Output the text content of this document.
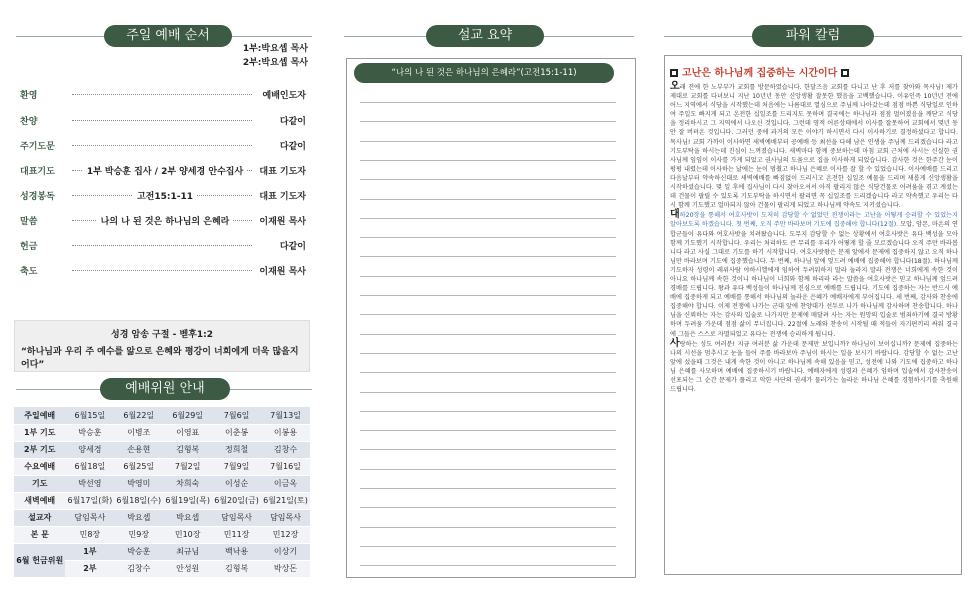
주일 예배 순서
1부:박요셉 목사
2부:박요셉 목사
환영	예배인도자
찬양	다같이
주기도문	다같이
대표기도	1부 박승훈 집사 / 2부 양세경 안수집사	대표 기도자
성경봉독	고전15:1-11	대표 기도자
말씀	나의 나 된 것은 하나님의 은혜라	이재원 목사
헌금	다같이
축도	이재원 목사
성경 암송 구절 - 벧후1:2
“하나님과 우리 주 예수를 앎으로 은혜와 평강이 너희에게 더욱 많을지어다”
예배위원 안내
주일예배	6월15일	6월22일	6월29일	7월6일	7월13일
1부 기도	박승훈	이병조	이영표	이춘봉	이봉용
2부 기도	양세경	손용현	김형복	정희철	김창수
수요예배	6월18일	6월25일	7월2일	7월9일	7월16일
기도	박선영	박영미	차희숙	이성순	이금옥
새벽예배	6월17일(화)	6월18일(수)	6월19일(목)	6월20일(금)	6월21일(토)
설교자	담임목사	박요셉	박요셉	담임목사	담임목사
본 문	민8장	민9장	민10장	민11장	민12장
6월 헌금위원	1부	박승훈	최규님	백낙용	이상기
	2부	김창수	안성원	김형복	박상돈
설교 요약
“나의 나 된 것은 하나님의 은혜라”(고전15:1-11)
파워 칼럼
고난은 하나님께 집중하는 시간이다
오래 전에 한 노부부가 교회를 방문하였습니다. 한달즈음 교회를 다니고 난 후 저를 찾아와 목사님! 제가 제대로 교회를 다녀보니 지난 10년년 동안 신앙생활 잘못한 했음을 고백했습니다. 이유인즉 10년년 전에 어느 지역에서 식당을 시작했는데 처음에는 나름대로 열심으로 주님께 나아갔는데 점점 바쁜 식당일로 인하여 주일도 빠지게 되고 온전한 십일조를 드리지도 못하며 결국에는 하나님과 점점 멀어졌음을 깨닫고 식당을 정리하시고 그 지역에서 나오신 것입니다. 그런데 영적 어른상태에서 이사를 잘못하여 교회에서 몇년 동안 잘 버텨온 것입니다. 그러던 중에 과거의 모든 이야기 하시면서 다시 이사하기로 결정하셨다고 합니다. 목사님! 교회 가까이 이사하면 새벽예배부터 공예배 등 최선을 다해 남은 인생을 주님께 드리겠습니다 라고 기도부탁을 하시는데 진심이 느껴졌습니다. 새벽마다 함께 중보하는데 마침 교회 근처에 사시는 신실한 권사님께 임임이 이사를 가게 되었고 권사님의 도움으로 집을 이사하게 되었습니다. 감사한 것은 한주간 눈이 펑펑 내렸는데 이사하는 날에는 눈이 멈췄고 하나님 은혜로 이사를 잘 할 수 있었습니다. 이사예배를 드리고 다음날부터 약속하신대로 새벽예배를 빠짐없이 드리시고 온전한 십일조 예물을 드리며 새롭게 신앙생활을 시작하셨습니다. 몇 일 후에 집사님이 다시 찾아오셔서 아직 팔리지 않은 식당건물로 어려움을 겪고 계셨는데 건물이 팔릴 수 있도록 기도부탁을 하시면서 팔리면 꼭 십일조를 드리겠습니다 라고 약속했고 우리는 다시 함께 기도했고 얼마되지 않아 건물이 팔리게 되었고 하나님께 약속도 지키셨습니다.
대하20장을 통해서 여호사밧이 도저히 감당할 수 없었던 전쟁이라는 고난을 어떻게 승리할 수 있었는지 알아보도록 하겠습니다. 첫 번째, 오직 주만 바라보며 기도에 집중해야 합니다(12절). 모압, 암몬, 마온의 연합군들이 유다와 여호사밧을 치려왔습니다. 도무지 감당할 수 없는 상황에서 여호사밧은 유다 백성을 모아 함께 기도했기 시작합니다. 우리는 처리하도 큰 무리를 우리가 어떻게 할 줄 모르겠습니다 오직 주만 바라봅니다 라고 사실 그대로 기도를 하기 시작합니다. 여호사밧왕은 문제 앞에서 문제에 집중하지 않고 오직 하나님만 바라보며 기도에 집중했습니다. 두 번째, 하나님 앞에 엎드려 예배에 집중해야 합니다(18절). 하나님께 기도하자 성령이 레위사람 야하시엘에게 임하여 두려워하지 말라 놀라지 말라 전쟁은 너희에게 속한 것이 아니요 하나님께 속한 것이니 하나님이 너희와 함께 하리라 라는 말씀을 여호사밧은 믿고 하나님께 엎드려 경배를 드립니다. 왕과 유다 백성들이 하나님께 진심으로 예배를 드립니다. 기도에 집중하는 자는 반드시 예배에 집중하게 되고 예배를 통해서 하나님의 놀라운 은혜가 예배자에게 부어집니다. 세 번째, 감사와 찬송에 집중해야 합니다. 이제 전쟁에 나가는 군대 앞에 찬양대가 선두로 나가 하나님께 감사하며 찬송합니다. 하나님을 신뢰하는 자는 감사의 입술로 나가지만 문제에 매달려 사는 자는 원망의 입술로 범죄하기에 결국 방황하며 두려움 가운데 점점 삶이 무너집니다. 22절에 노래와 찬송이 시작될 때 적들이 자기편끼리 싸워 결국에 그들은 스스로 자멸되었고 유다는 전쟁에 승리하게 됩니다.
사랑하는 성도 여러분! 지금 여러분 삶 가운데 문제만 보입니까? 하나님이 보이십니까? 문제에 집중하는 나의 시선을 멈추시고 눈을 들어 주를 바라보아 주님이 하시는 일을 보시기 바랍니다. 감당할 수 없는 고난 앞에 섰을때 그것은 내게 속한 것이 아니고 하나님께 속해 있음을 믿고, 성전에 나와 기도에 집중하고 하나님 은혜를 사모하며 예배에 집중하시기 바랍니다. 예배자에게 성령과 은혜가 임하며 입술에서 감사찬송이 선포되는 그 순간 문제가 풀리고 악한 사단의 권세가 물러가는 놀라운 하나님 은혜를 경험하시기를 축원해 드립니다.
